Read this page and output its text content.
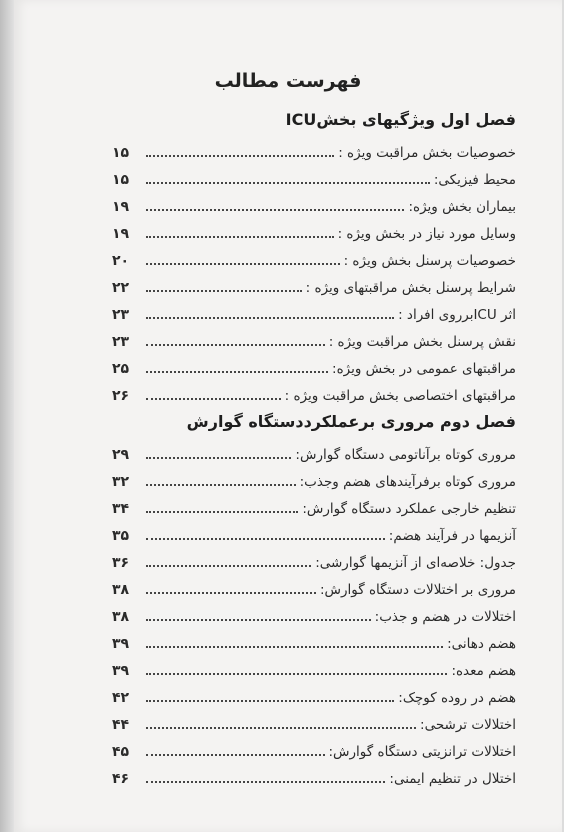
فهرست مطالب
فصل اول ویژگیهای بخشICU
خصوصیات بخش مراقبت ویژه :
۱۵
محیط فیزیکی:
۱۵
بیماران بخش ویژه:
۱۹
وسایل مورد نیاز در بخش ویژه :
۱۹
خصوصیات پرسنل بخش ویژه :
۲۰
شرایط پرسنل بخش مراقبتهای ویژه :
۲۲
اثر ICUبرروی افراد :
۲۳
نقش پرسنل بخش مراقبت ویژه :
۲۳
مراقبتهای عمومی در بخش ویژه:
۲۵
مراقبتهای اختصاصی بخش مراقبت ویژه :
۲۶
فصل دوم مروری برعملکرددستگاه گوارش
مروری کوتاه برآناتومی دستگاه گوارش:
۲۹
مروری کوتاه برفرآیندهای هضم وجذب:
۳۲
تنظیم خارجی عملکرد دستگاه گوارش:
۳۴
آنزیمها در فرآیند هضم:
۳۵
جدول: خلاصه‌ای از آنزیمها گوارشی:
۳۶
مروری بر اختلالات دستگاه گوارش:
۳۸
اختلالات در هضم و جذب:
۳۸
هضم دهانی:
۳۹
هضم معده:
۳۹
هضم در روده کوچک:
۴۲
اختلالات ترشحی:
۴۴
اختلالات ترانزیتی دستگاه گوارش:
۴۵
اختلال در تنظیم ایمنی:
۴۶
